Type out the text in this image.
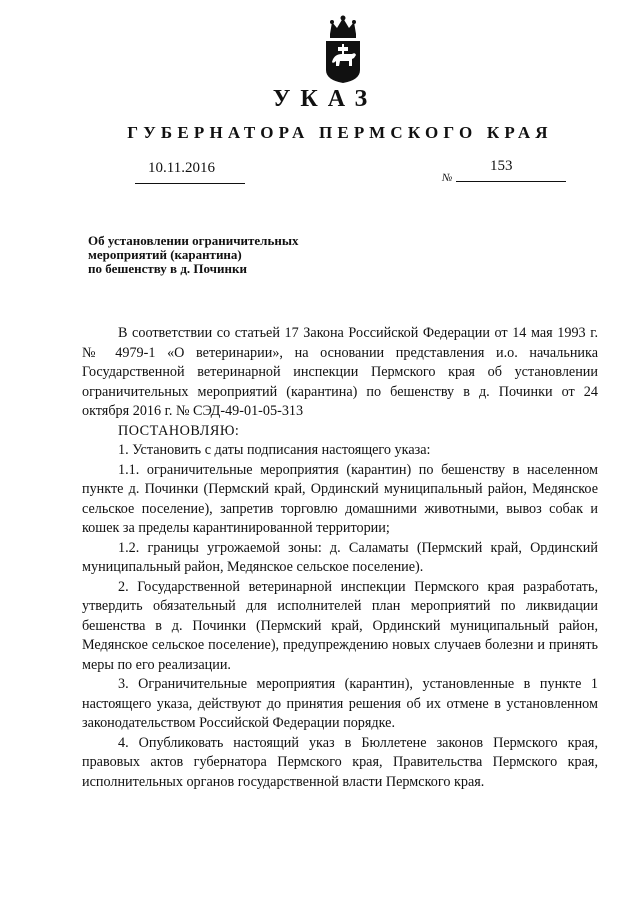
УКАЗ
ГУБЕРНАТОРА ПЕРМСКОГО КРАЯ
10.11.2016
№
153
Об установлении ограничительных
мероприятий (карантина)
по бешенству в д. Починки

В соответствии со статьей 17 Закона Российской Федерации от 14 мая 1993 г. № 4979-1 «О ветеринарии», на основании представления и.о. начальника Государственной ветеринарной инспекции Пермского края об установлении ограничительных мероприятий (карантина) по бешенству в д. Починки от 24 октября 2016 г. № СЭД-49-01-05-313

ПОСТАНОВЛЯЮ:

1. Установить с даты подписания настоящего указа:

1.1. ограничительные мероприятия (карантин) по бешенству в населенном пункте д. Починки (Пермский край, Ординский муниципальный район, Медянское сельское поселение), запретив торговлю домашними животными, вывоз собак и кошек за пределы карантинированной территории;

1.2. границы угрожаемой зоны: д. Саламаты (Пермский край, Ординский муниципальный район, Медянское сельское поселение).

2. Государственной ветеринарной инспекции Пермского края разработать, утвердить обязательный для исполнителей план мероприятий по ликвидации бешенства в д. Починки (Пермский край, Ординский муниципальный район, Медянское сельское поселение), предупреждению новых случаев болезни и принять меры по его реализации.

3. Ограничительные мероприятия (карантин), установленные в пункте 1 настоящего указа, действуют до принятия решения об их отмене в установленном законодательством Российской Федерации порядке.

4. Опубликовать настоящий указ в Бюллетене законов Пермского края, правовых актов губернатора Пермского края, Правительства Пермского края, исполнительных органов государственной власти Пермского края.
